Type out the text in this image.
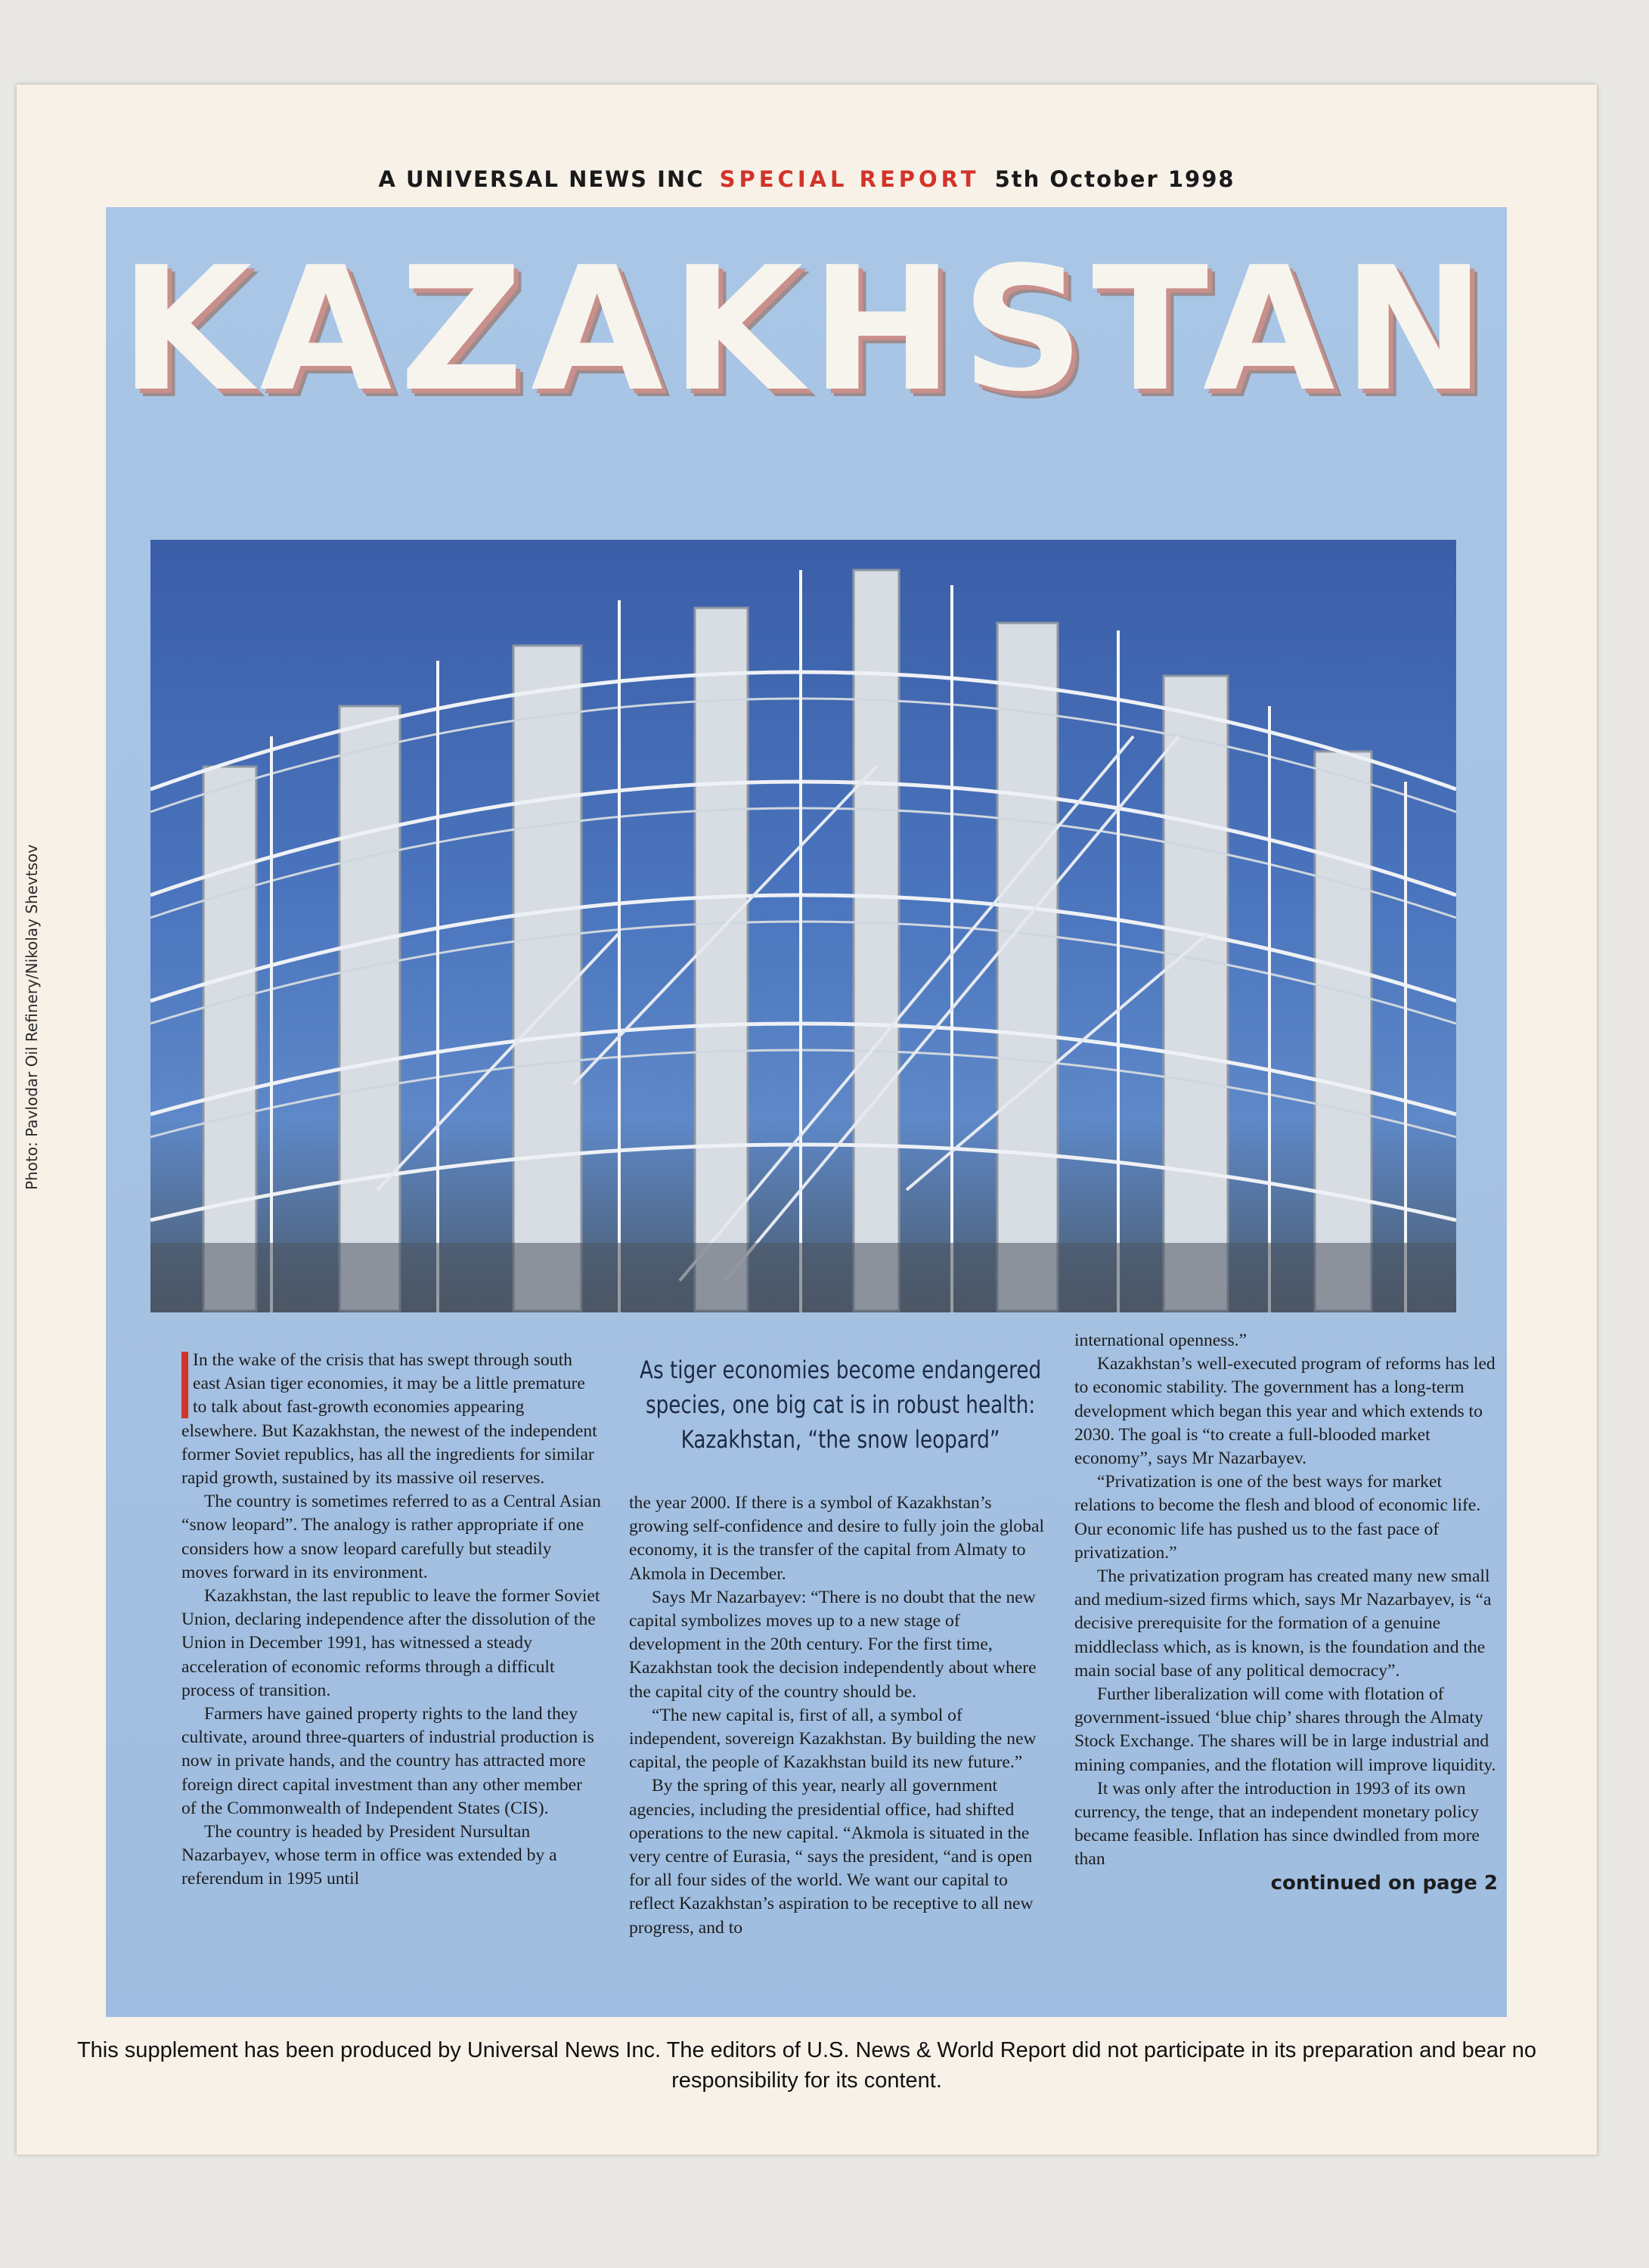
A UNIVERSAL NEWS INC SPECIAL REPORT 5th October 1998
KAZAKHSTAN

In the wake of the crisis that has swept through south east Asian tiger economies, it may be a little premature to talk about fast-growth economies appearing elsewhere. But Kazakhstan, the newest of the independent former Soviet republics, has all the ingredients for similar rapid growth, sustained by its massive oil reserves.

The country is sometimes referred to as a Central Asian “snow leopard”. The analogy is rather appropriate if one considers how a snow leopard carefully but steadily moves forward in its environment.

Kazakhstan, the last republic to leave the former Soviet Union, declaring independence after the dissolution of the Union in December 1991, has witnessed a steady acceleration of economic reforms through a difficult process of transition.

Farmers have gained property rights to the land they cultivate, around three-quarters of industrial production is now in private hands, and the country has attracted more foreign direct capital investment than any other member of the Commonwealth of Independent States (CIS).

The country is headed by President Nursultan Nazarbayev, whose term in office was extended by a referendum in 1995 until

As tiger economies become endangered species, one big cat is in robust health: Kazakhstan, “the snow leopard”

the year 2000. If there is a symbol of Kazakhstan’s growing self-confidence and desire to fully join the global economy, it is the transfer of the capital from Almaty to Akmola in December.

Says Mr Nazarbayev: “There is no doubt that the new capital symbolizes moves up to a new stage of development in the 20th century. For the first time, Kazakhstan took the decision independently about where the capital city of the country should be.

“The new capital is, first of all, a symbol of independent, sovereign Kazakhstan. By building the new capital, the people of Kazakhstan build its new future.”

By the spring of this year, nearly all government agencies, including the presidential office, had shifted operations to the new capital. “Akmola is situated in the very centre of Eurasia, “ says the president, “and is open for all four sides of the world. We want our capital to reflect Kazakhstan’s aspiration to be receptive to all new progress, and to

international openness.”

Kazakhstan’s well-executed program of reforms has led to economic stability. The government has a long-term development which began this year and which extends to 2030. The goal is “to create a full-blooded market economy”, says Mr Nazarbayev.

“Privatization is one of the best ways for market relations to become the flesh and blood of economic life. Our economic life has pushed us to the fast pace of privatization.”

The privatization program has created many new small and medium-sized firms which, says Mr Nazarbayev, is “a decisive prerequisite for the formation of a genuine middleclass which, as is known, is the foundation and the main social base of any political democracy”.

Further liberalization will come with flotation of government-issued ‘blue chip’ shares through the Almaty Stock Exchange. The shares will be in large industrial and mining companies, and the flotation will improve liquidity.

It was only after the introduction in 1993 of its own currency, the tenge, that an independent monetary policy became feasible. Inflation has since dwindled from more than

continued on page 2
Photo: Pavlodar Oil Refinery/Nikolay Shevtsov
This supplement has been produced by Universal News Inc. The editors of U.S. News & World Report did not participate in its preparation and bear no responsibility for its content.
